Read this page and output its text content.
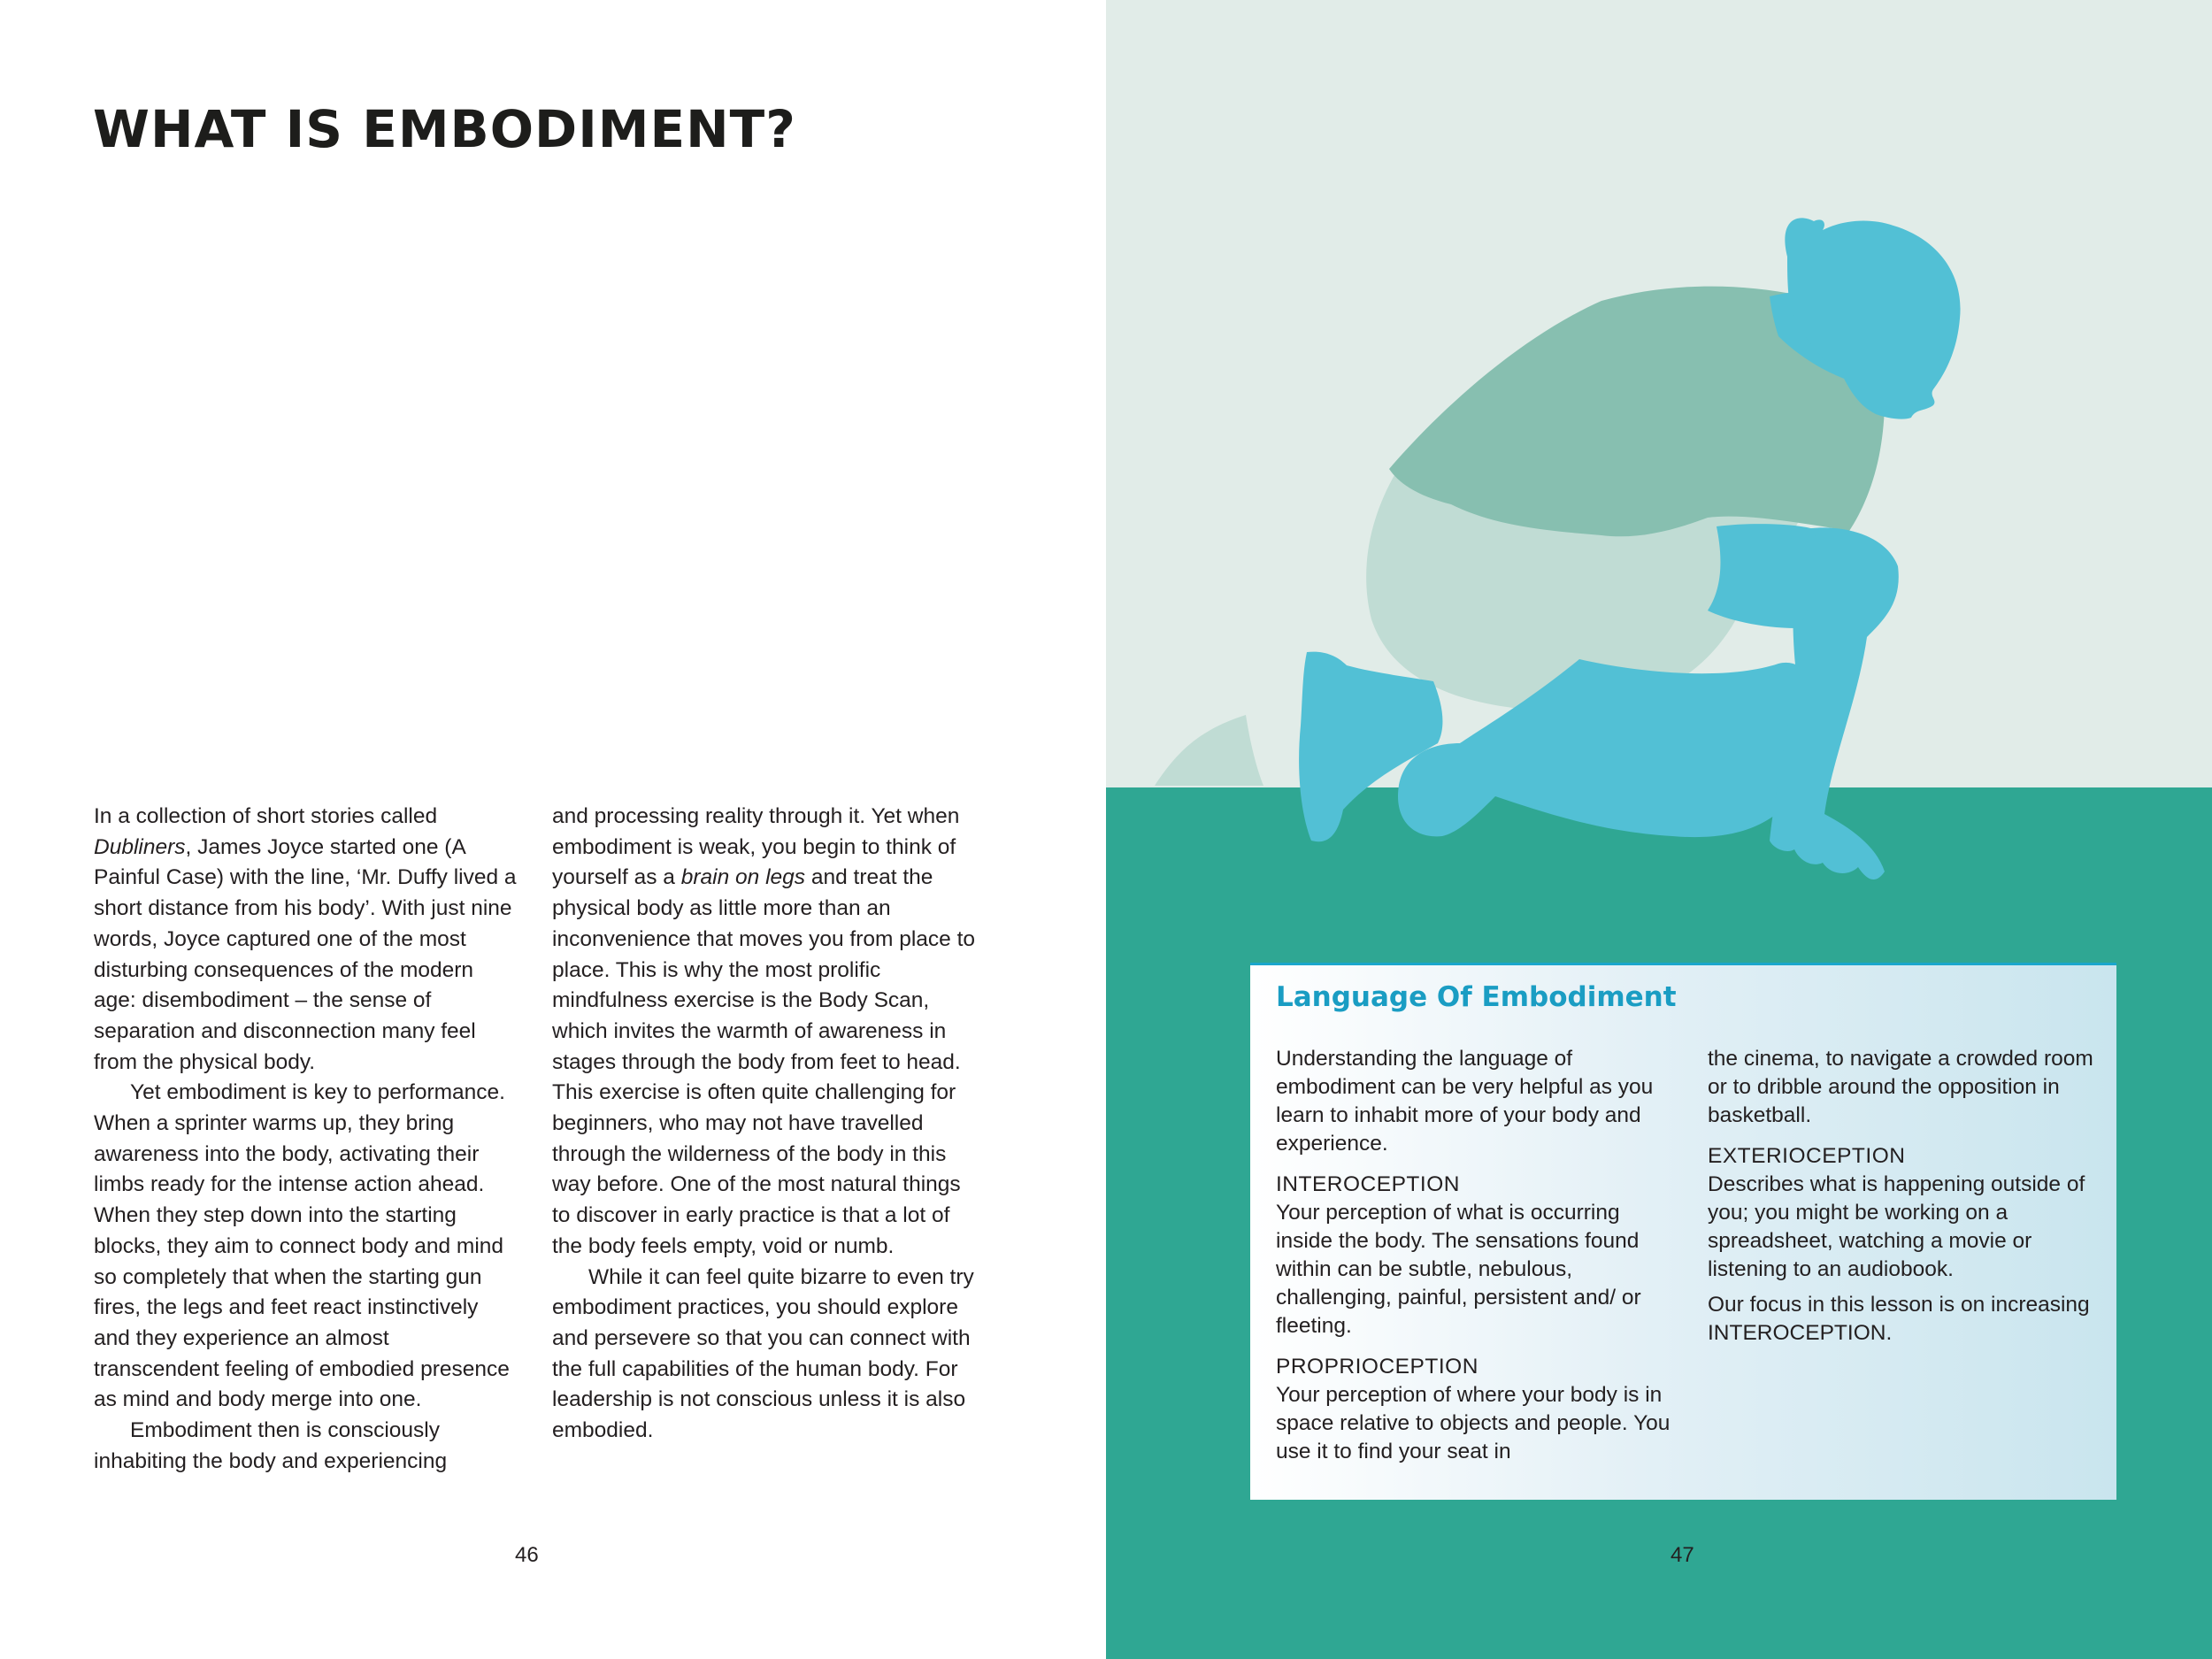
WHAT IS EMBODIMENT?

In a collection of short stories called Dubliners, James Joyce started one (A Painful Case) with the line, ‘Mr. Duffy lived a short distance from his body’. With just nine words, Joyce captured one of the most disturbing consequences of the modern age: disembodiment – the sense of separation and disconnection many feel from the physical body.

Yet embodiment is key to performance. When a sprinter warms up, they bring awareness into the body, activating their limbs ready for the intense action ahead. When they step down into the starting blocks, they aim to connect body and mind so completely that when the starting gun fires, the legs and feet react instinctively and they experience an almost transcendent feeling of embodied presence as mind and body merge into one.

Embodiment then is consciously inhabiting the body and experiencing

and processing reality through it. Yet when embodiment is weak, you begin to think of yourself as a brain on legs and treat the physical body as little more than an inconvenience that moves you from place to place. This is why the most prolific mindfulness exercise is the Body Scan, which invites the warmth of awareness in stages through the body from feet to head. This exercise is often quite challenging for beginners, who may not have travelled through the wilderness of the body in this way before. One of the most natural things to discover in early practice is that a lot of the body feels empty, void or numb.

While it can feel quite bizarre to even try embodiment practices, you should explore and persevere so that you can connect with the full capabilities of the human body. For leadership is not conscious unless it is also embodied.

46
Language Of Embodiment

Understanding the language of embodiment can be very helpful as you learn to inhabit more of your body and experience.

INTEROCEPTION
Your perception of what is occurring inside the body. The sensations found within can be subtle, nebulous, challenging, painful, persistent and/ or fleeting.

PROPRIOCEPTION
Your perception of where your body is in space relative to objects and people. You use it to find your seat in

the cinema, to navigate a crowded room or to dribble around the opposition in basketball.

EXTERIOCEPTION
Describes what is happening outside of you; you might be working on a spreadsheet, watching a movie or listening to an audiobook.

Our focus in this lesson is on increasing INTEROCEPTION.

47
